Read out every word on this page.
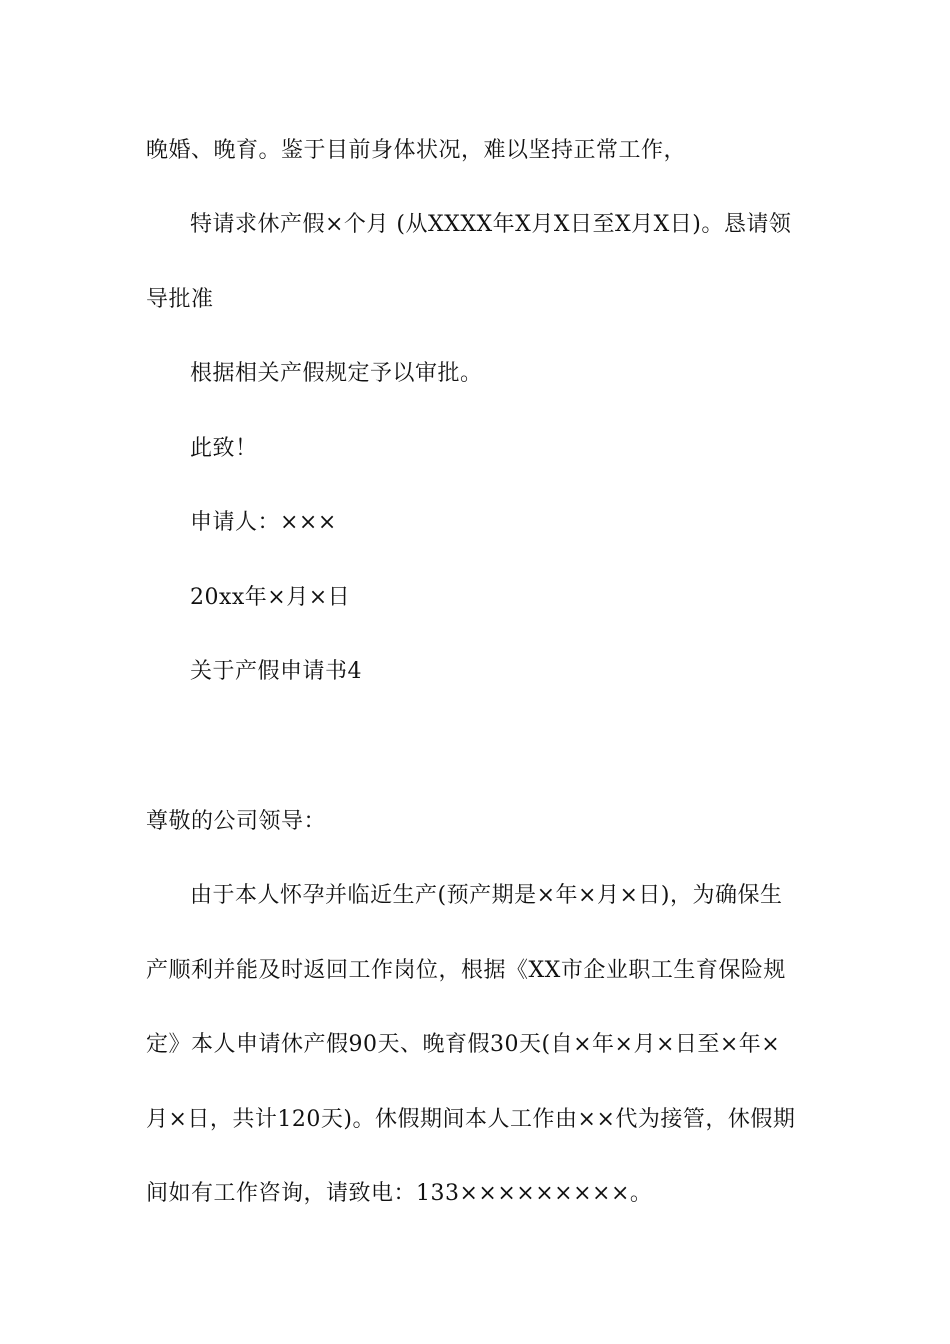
晚婚、晚育。鉴于目前身体状况，难以坚持正常工作，
特请求休产假×个月 (从XXXX年X月X日至X月X日)。恳请领
导批准
根据相关产假规定予以审批。
此致！
申请人：×××
20xx年×月×日
关于产假申请书4
尊敬的公司领导：
由于本人怀孕并临近生产(预产期是×年×月×日)，为确保生
产顺利并能及时返回工作岗位，根据《XX市企业职工生育保险规
定》本人申请休产假90天、晚育假30天(自×年×月×日至×年×
月×日，共计120天)。休假期间本人工作由××代为接管，休假期
间如有工作咨询，请致电：133×××××××××。
